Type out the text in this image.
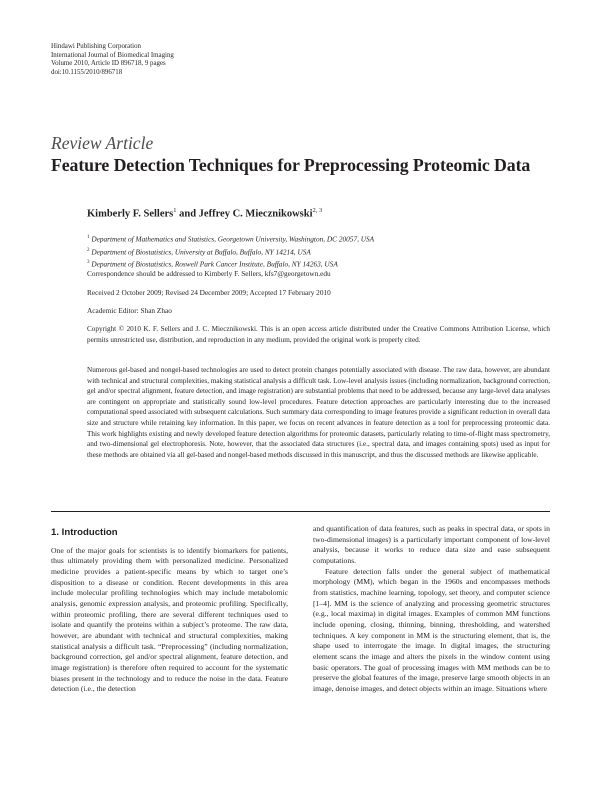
Hindawi Publishing Corporation
International Journal of Biomedical Imaging
Volume 2010, Article ID 896718, 9 pages
doi:10.1155/2010/896718
Review Article
Feature Detection Techniques for Preprocessing Proteomic Data
Kimberly F. Sellers$^1$ and Jeffrey C. Miecznikowski$^{2, 3}$
$^1$ Department of Mathematics and Statistics, Georgetown University, Washington, DC 20057, USA
$^2$ Department of Biostatistics, University at Buffalo, Buffalo, NY 14214, USA
$^3$ Department of Biostatistics, Roswell Park Cancer Institute, Buffalo, NY 14263, USA
Correspondence should be addressed to Kimberly F. Sellers, kfs7@georgetown.edu
Received 2 October 2009; Revised 24 December 2009; Accepted 17 February 2010
Academic Editor: Shan Zhao
Copyright © 2010 K. F. Sellers and J. C. Miecznikowski. This is an open access article distributed under the Creative Commons Attribution License, which permits unrestricted use, distribution, and reproduction in any medium, provided the original work is properly cited.
Numerous gel-based and nongel-based technologies are used to detect protein changes potentially associated with disease. The raw data, however, are abundant with technical and structural complexities, making statistical analysis a difficult task. Low-level analysis issues (including normalization, background correction, gel and/or spectral alignment, feature detection, and image registration) are substantial problems that need to be addressed, because any large-level data analyses are contingent on appropriate and statistically sound low-level procedures. Feature detection approaches are particularly interesting due to the increased computational speed associated with subsequent calculations. Such summary data corresponding to image features provide a significant reduction in overall data size and structure while retaining key information. In this paper, we focus on recent advances in feature detection as a tool for preprocessing proteomic data. This work highlights existing and newly developed feature detection algorithms for proteomic datasets, particularly relating to time-of-flight mass spectrometry, and two-dimensional gel electrophoresis. Note, however, that the associated data structures (i.e., spectral data, and images containing spots) used as input for these methods are obtained via all gel-based and nongel-based methods discussed in this manuscript, and thus the discussed methods are likewise applicable.
1. Introduction

One of the major goals for scientists is to identify biomarkers for patients, thus ultimately providing them with personalized medicine. Personalized medicine provides a patient-specific means by which to target one’s disposition to a disease or condition. Recent developments in this area include molecular profiling technologies which may include metabolomic analysis, genomic expression analysis, and proteomic profiling. Specifically, within proteomic profiling, there are several different techniques used to isolate and quantify the proteins within a subject’s proteome. The raw data, however, are abundant with technical and structural complexities, making statistical analysis a difficult task. “Preprocessing” (including normalization, background correction, gel and/or spectral alignment, feature detection, and image registration) is therefore often required to account for the systematic biases present in the technology and to reduce the noise in the data. Feature detection (i.e., the detection

and quantification of data features, such as peaks in spectral data, or spots in two-dimensional images) is a particularly important component of low-level analysis, because it works to reduce data size and ease subsequent computations.

Feature detection falls under the general subject of mathematical morphology (MM), which began in the 1960s and encompasses methods from statistics, machine learning, topology, set theory, and computer science [1–4]. MM is the science of analyzing and processing geometric structures (e.g., local maxima) in digital images. Examples of common MM functions include opening, closing, thinning, binning, thresholding, and watershed techniques. A key component in MM is the structuring element, that is, the shape used to interrogate the image. In digital images, the structuring element scans the image and alters the pixels in the window content using basic operators. The goal of processing images with MM methods can be to preserve the global features of the image, preserve large smooth objects in an image, denoise images, and detect objects within an image. Situations where
